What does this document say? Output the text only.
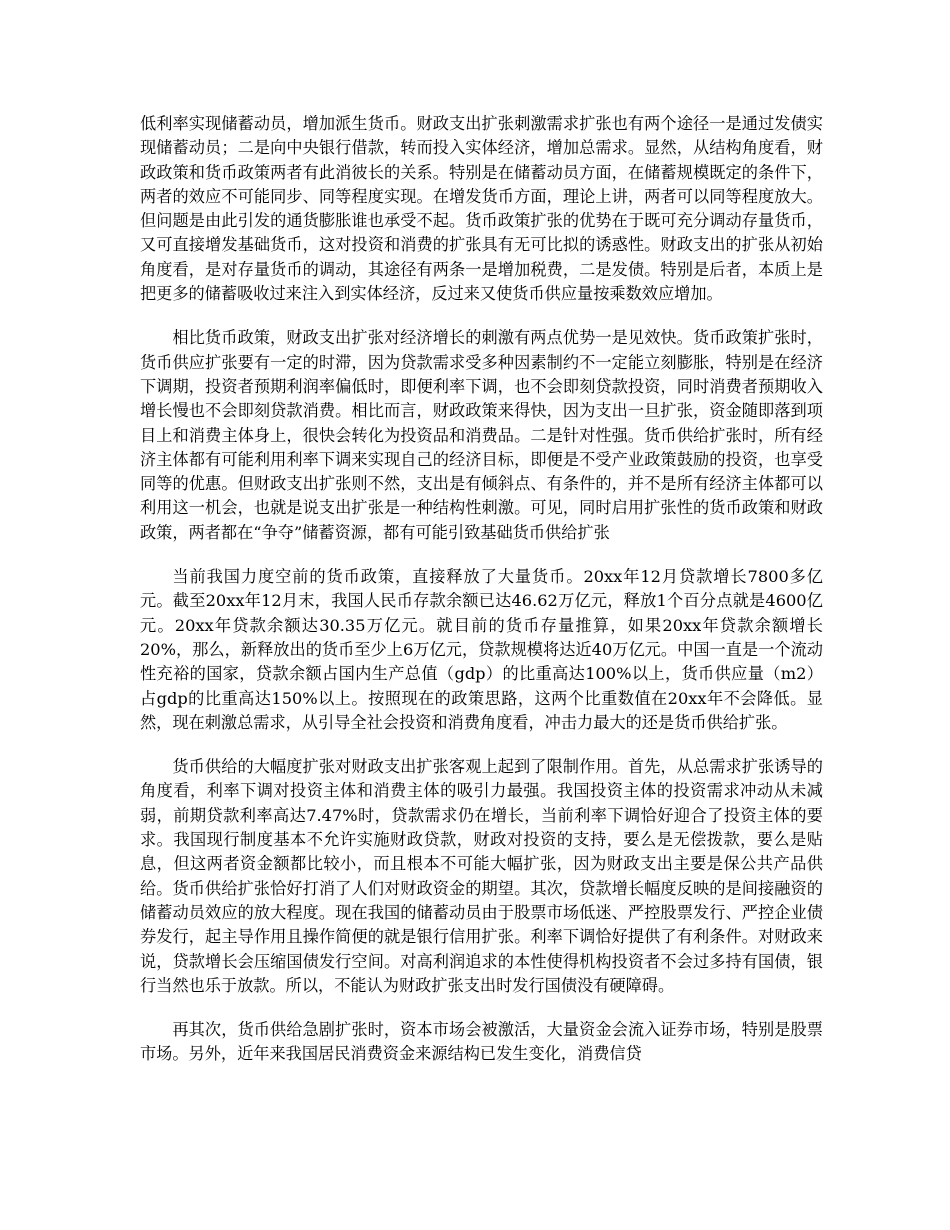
低利率实现储蓄动员，增加派生货币。财政支出扩张刺激需求扩张也有两个途径一是通过发债实现储蓄动员；二是向中央银行借款，转而投入实体经济，增加总需求。显然，从结构角度看，财政政策和货币政策两者有此消彼长的关系。特别是在储蓄动员方面，在储蓄规模既定的条件下，两者的效应不可能同步、同等程度实现。在增发货币方面，理论上讲，两者可以同等程度放大。但问题是由此引发的通货膨胀谁也承受不起。货币政策扩张的优势在于既可充分调动存量货币，又可直接增发基础货币，这对投资和消费的扩张具有无可比拟的诱惑性。财政支出的扩张从初始角度看，是对存量货币的调动，其途径有两条一是增加税费，二是发债。特别是后者，本质上是把更多的储蓄吸收过来注入到实体经济，反过来又使货币供应量按乘数效应增加。

相比货币政策，财政支出扩张对经济增长的刺激有两点优势一是见效快。货币政策扩张时，货币供应扩张要有一定的时滞，因为贷款需求受多种因素制约不一定能立刻膨胀，特别是在经济下调期，投资者预期利润率偏低时，即便利率下调，也不会即刻贷款投资，同时消费者预期收入增长慢也不会即刻贷款消费。相比而言，财政政策来得快，因为支出一旦扩张，资金随即落到项目上和消费主体身上，很快会转化为投资品和消费品。二是针对性强。货币供给扩张时，所有经济主体都有可能利用利率下调来实现自己的经济目标，即便是不受产业政策鼓励的投资，也享受同等的优惠。但财政支出扩张则不然，支出是有倾斜点、有条件的，并不是所有经济主体都可以利用这一机会，也就是说支出扩张是一种结构性刺激。可见，同时启用扩张性的货币政策和财政政策，两者都在“争夺”储蓄资源，都有可能引致基础货币供给扩张

当前我国力度空前的货币政策，直接释放了大量货币。20xx年12月贷款增长7800多亿元。截至20xx年12月末，我国人民币存款余额已达46.62万亿元，释放1个百分点就是4600亿元。20xx年贷款余额达30.35万亿元。就目前的货币存量推算，如果20xx年贷款余额增长20%，那么，新释放出的货币至少上6万亿元，贷款规模将达近40万亿元。中国一直是一个流动性充裕的国家，贷款余额占国内生产总值（gdp）的比重高达100%以上，货币供应量（m2）占gdp的比重高达150%以上。按照现在的政策思路，这两个比重数值在20xx年不会降低。显然，现在刺激总需求，从引导全社会投资和消费角度看，冲击力最大的还是货币供给扩张。

货币供给的大幅度扩张对财政支出扩张客观上起到了限制作用。首先，从总需求扩张诱导的角度看，利率下调对投资主体和消费主体的吸引力最强。我国投资主体的投资需求冲动从未减弱，前期贷款利率高达7.47%时，贷款需求仍在增长，当前利率下调恰好迎合了投资主体的要求。我国现行制度基本不允许实施财政贷款，财政对投资的支持，要么是无偿拨款，要么是贴息，但这两者资金额都比较小，而且根本不可能大幅扩张，因为财政支出主要是保公共产品供给。货币供给扩张恰好打消了人们对财政资金的期望。其次，贷款增长幅度反映的是间接融资的储蓄动员效应的放大程度。现在我国的储蓄动员由于股票市场低迷、严控股票发行、严控企业债券发行，起主导作用且操作简便的就是银行信用扩张。利率下调恰好提供了有利条件。对财政来说，贷款增长会压缩国债发行空间。对高利润追求的本性使得机构投资者不会过多持有国债，银行当然也乐于放款。所以，不能认为财政扩张支出时发行国债没有硬障碍。

再其次，货币供给急剧扩张时，资本市场会被激活，大量资金会流入证券市场，特别是股票市场。另外，近年来我国居民消费资金来源结构已发生变化，消费信贷
